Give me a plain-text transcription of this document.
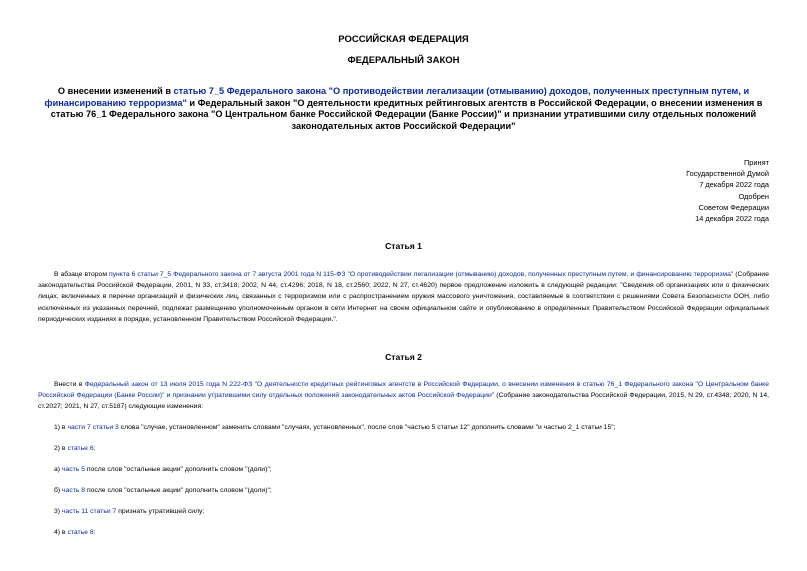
РОССИЙСКАЯ ФЕДЕРАЦИЯ
ФЕДЕРАЛЬНЫЙ ЗАКОН
О внесении изменений в статью 7_5 Федерального закона "О противодействии легализации (отмыванию) доходов, полученных преступным путем, и финансированию терроризма" и Федеральный закон "О деятельности кредитных рейтинговых агентств в Российской Федерации, о внесении изменения в статью 76_1 Федерального закона "О Центральном банке Российской Федерации (Банке России)" и признании утратившими силу отдельных положений законодательных актов Российской Федерации"
Принят
Государственной Думой
7 декабря 2022 года
Одобрен
Советом Федерации
14 декабря 2022 года
Статья 1
В абзаце втором пункта 6 статьи 7_5 Федерального закона от 7 августа 2001 года N 115-ФЗ "О противодействии легализации (отмыванию) доходов, полученных преступным путем, и финансированию терроризма" (Собрание законодательства Российской Федерации, 2001, N 33, ст.3418; 2002, N 44, ст.4296; 2018, N 18, ст.2560; 2022, N 27, ст.4620) первое предложение изложить в следующей редакции: "Сведения об организациях или о физических лицах, включенных в перечни организаций и физических лиц, связанных с терроризмом или с распространением оружия массового уничтожения, составляемые в соответствии с решениями Совета Безопасности ООН, либо исключенных из указанных перечней, подлежат размещению уполномоченным органом в сети Интернет на своем официальном сайте и опубликованию в определенных Правительством Российской Федерации официальных периодических изданиях в порядке, установленном Правительством Российской Федерации.".
Статья 2
Внести в Федеральный закон от 13 июля 2015 года N 222-ФЗ "О деятельности кредитных рейтинговых агентств в Российской Федерации, о внесении изменения в статью 76_1 Федерального закона "О Центральном банке Российской Федерации (Банке России)" и признании утратившими силу отдельных положений законодательных актов Российской Федерации" (Собрание законодательства Российской Федерации, 2015, N 29, ст.4348; 2020, N 14, ст.2027; 2021, N 27, ст.5187) следующие изменения:
1) в части 7 статьи 3 слова "случае, установленном" заменить словами "случаях, установленных", после слов "частью 5 статьи 12" дополнить словами "и частью 2_1 статьи 15";
2) в статье 6:
а) часть 5 после слов "остальные акции" дополнить словом "(доли)";
б) часть 8 после слов "остальные акции" дополнить словом "(доли)";
3) часть 11 статьи 7 признать утратившей силу;
4) в статье 8:
